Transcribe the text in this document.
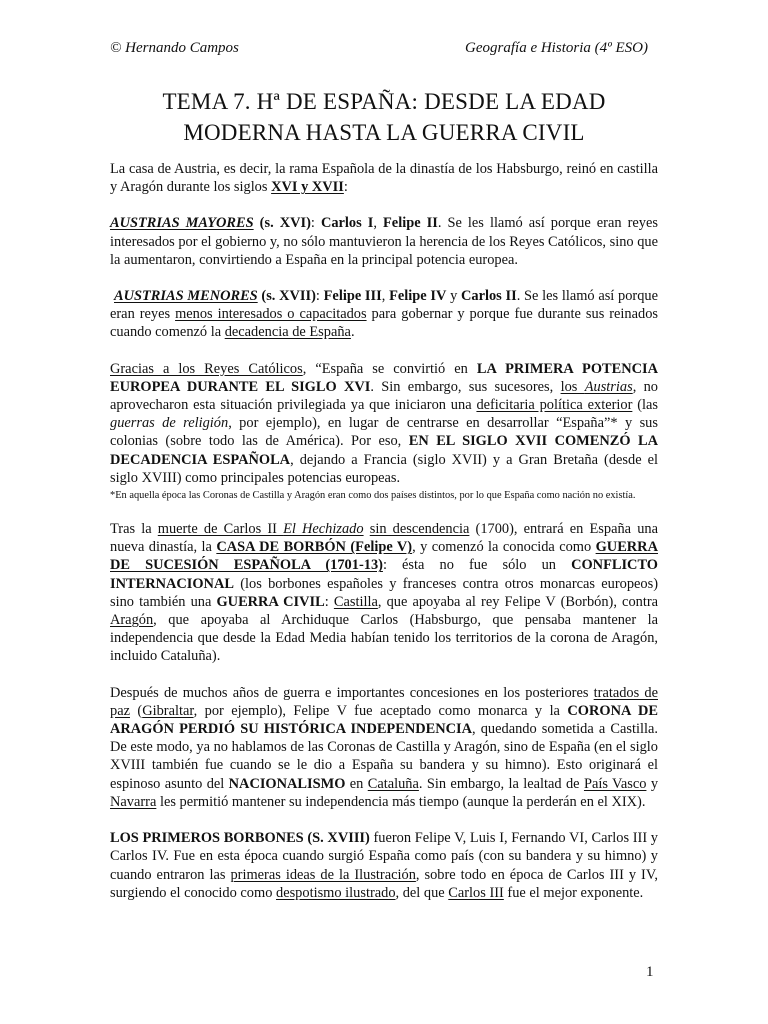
© Hernando Campos	Geografía e Historia (4º ESO)
TEMA 7. Hª DE ESPAÑA: DESDE LA EDAD
MODERNA HASTA LA GUERRA CIVIL

La casa de Austria, es decir, la rama Española de la dinastía de los Habsburgo, reinó en castilla y Aragón durante los siglos XVI y XVII:

AUSTRIAS MAYORES (s. XVI): Carlos I, Felipe II. Se les llamó así porque eran reyes interesados por el gobierno y, no sólo mantuvieron la herencia de los Reyes Católicos, sino que la aumentaron, convirtiendo a España en la principal potencia europea.

AUSTRIAS MENORES (s. XVII): Felipe III, Felipe IV y Carlos II. Se les llamó así porque eran reyes menos interesados o capacitados para gobernar y porque fue durante sus reinados cuando comenzó la decadencia de España.

Gracias a los Reyes Católicos, “España se convirtió en LA PRIMERA POTENCIA EUROPEA DURANTE EL SIGLO XVI. Sin embargo, sus sucesores, los Austrias, no aprovecharon esta situación privilegiada ya que iniciaron una deficitaria política exterior (las guerras de religión, por ejemplo), en lugar de centrarse en desarrollar “España”* y sus colonias (sobre todo las de América). Por eso, EN EL SIGLO XVII COMENZÓ LA DECADENCIA ESPAÑOLA, dejando a Francia (siglo XVII) y a Gran Bretaña (desde el siglo XVIII) como principales potencias europeas.

*En aquella época las Coronas de Castilla y Aragón eran como dos países distintos, por lo que España como nación no existía.

Tras la muerte de Carlos II El Hechizado sin descendencia (1700), entrará en España una nueva dinastía, la CASA DE BORBÓN (Felipe V), y comenzó la conocida como GUERRA DE SUCESIÓN ESPAÑOLA (1701-13): ésta no fue sólo un CONFLICTO INTERNACIONAL (los borbones españoles y franceses contra otros monarcas europeos) sino también una GUERRA CIVIL: Castilla, que apoyaba al rey Felipe V (Borbón), contra Aragón, que apoyaba al Archiduque Carlos (Habsburgo, que pensaba mantener la independencia que desde la Edad Media habían tenido los territorios de la corona de Aragón, incluido Cataluña).

Después de muchos años de guerra e importantes concesiones en los posteriores tratados de paz (Gibraltar, por ejemplo), Felipe V fue aceptado como monarca y la CORONA DE ARAGÓN PERDIÓ SU HISTÓRICA INDEPENDENCIA, quedando sometida a Castilla. De este modo, ya no hablamos de las Coronas de Castilla y Aragón, sino de España (en el siglo XVIII también fue cuando se le dio a España su bandera y su himno). Esto originará el espinoso asunto del NACIONALISMO en Cataluña. Sin embargo, la lealtad de País Vasco y Navarra les permitió mantener su independencia más tiempo (aunque la perderán en el XIX).

LOS PRIMEROS BORBONES (S. XVIII) fueron Felipe V, Luis I, Fernando VI, Carlos III y Carlos IV. Fue en esta época cuando surgió España como país (con su bandera y su himno) y cuando entraron las primeras ideas de la Ilustración, sobre todo en época de Carlos III y IV, surgiendo el conocido como despotismo ilustrado, del que Carlos III fue el mejor exponente.

1
